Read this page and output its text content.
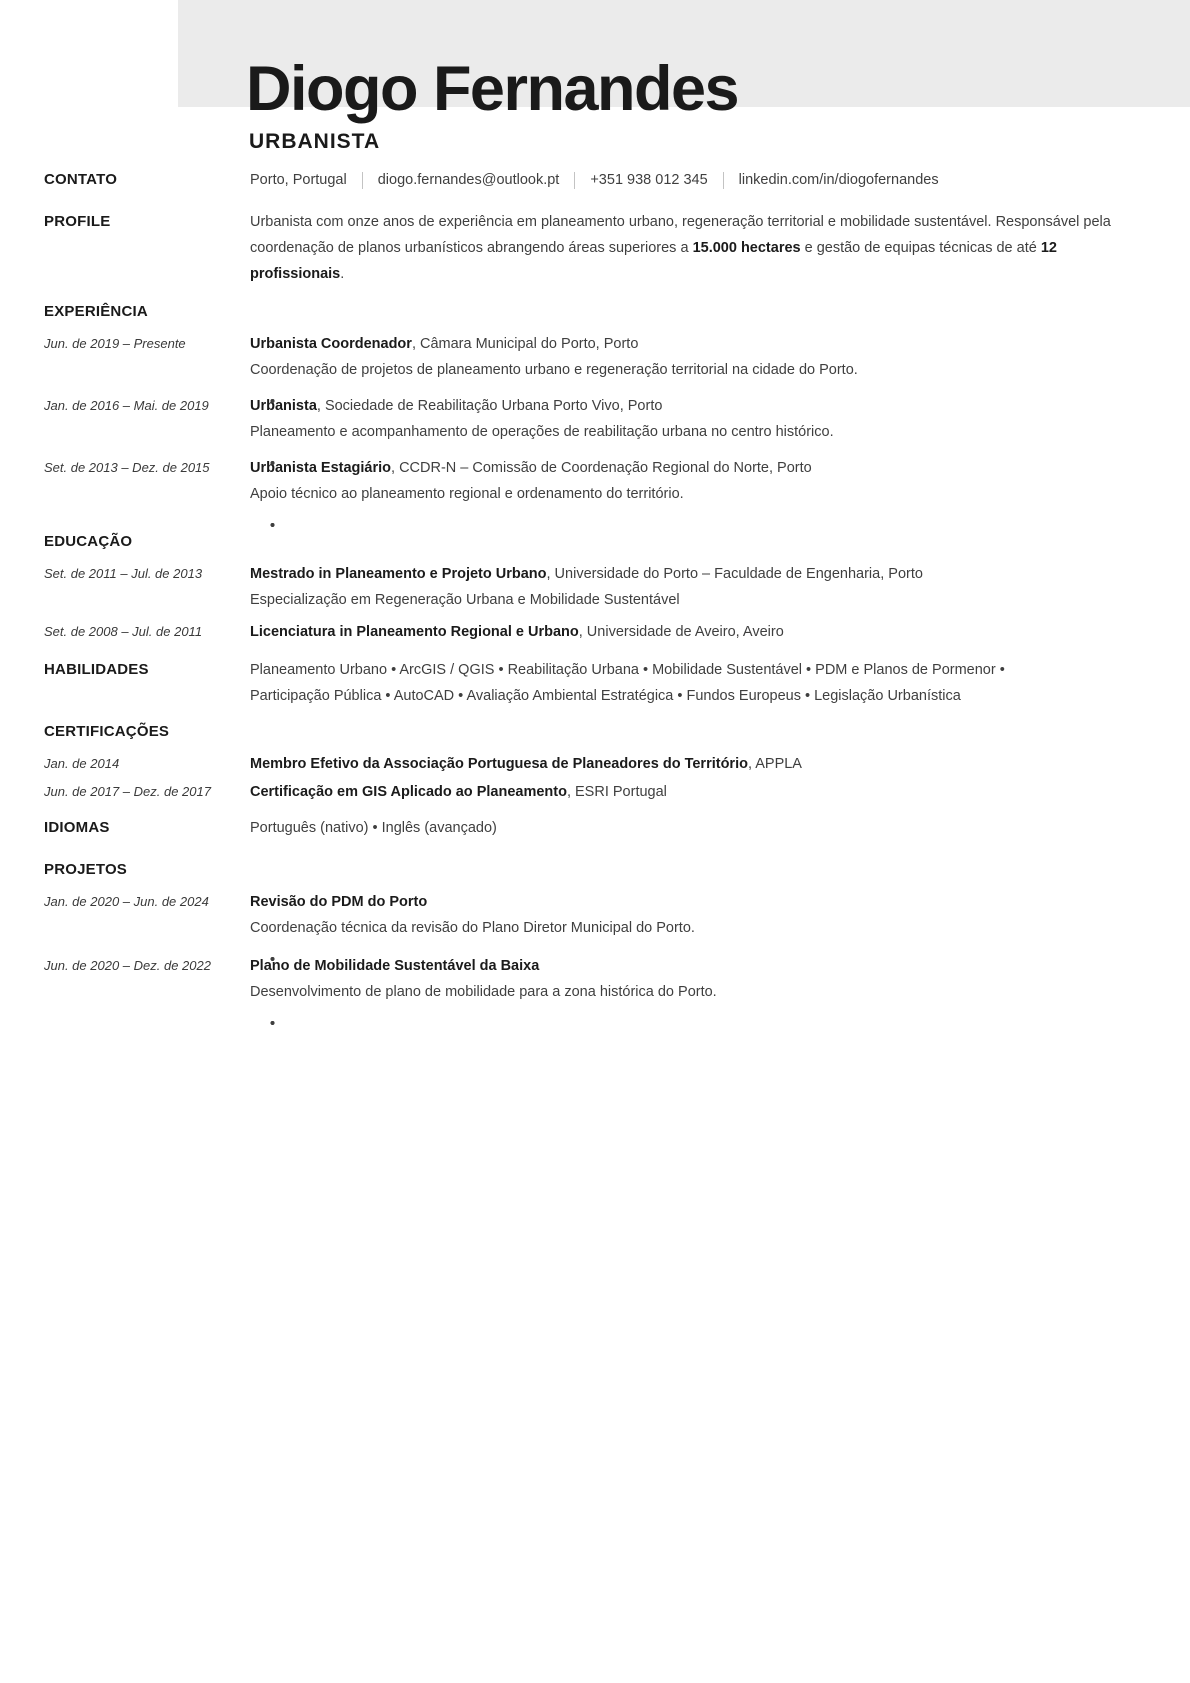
Diogo Fernandes
URBANISTA
CONTATO	Porto, Portugal diogo.fernandes@outlook.pt +351 938 012 345 linkedin.com/in/diogofernandes
PROFILE	Urbanista com onze anos de experiência em planeamento urbano, regeneração territorial e mobilidade sustentável. Responsável pela coordenação de planos urbanísticos abrangendo áreas superiores a 15.000 hectares e gestão de equipas técnicas de até 12 profissionais.
EXPERIÊNCIA
Jun. de 2019 – Presente	Urbanista Coordenador, Câmara Municipal do Porto, Porto
Coordenação de projetos de planeamento urbano e regeneração territorial na cidade do Porto.
Jan. de 2016 – Mai. de 2019	Urbanista, Sociedade de Reabilitação Urbana Porto Vivo, Porto
Planeamento e acompanhamento de operações de reabilitação urbana no centro histórico.
Set. de 2013 – Dez. de 2015	Urbanista Estagiário, CCDR-N – Comissão de Coordenação Regional do Norte, Porto
Apoio técnico ao planeamento regional e ordenamento do território.
EDUCAÇÃO
Set. de 2011 – Jul. de 2013	Mestrado in Planeamento e Projeto Urbano, Universidade do Porto – Faculdade de Engenharia, Porto
Especialização em Regeneração Urbana e Mobilidade Sustentável
Set. de 2008 – Jul. de 2011	Licenciatura in Planeamento Regional e Urbano, Universidade de Aveiro, Aveiro
HABILIDADES	Planeamento Urbano • ArcGIS / QGIS • Reabilitação Urbana • Mobilidade Sustentável • PDM e Planos de Pormenor • Participação Pública • AutoCAD • Avaliação Ambiental Estratégica • Fundos Europeus • Legislação Urbanística
CERTIFICAÇÕES
Jan. de 2014	Membro Efetivo da Associação Portuguesa de Planeadores do Território, APPLA
Jun. de 2017 – Dez. de 2017	Certificação em GIS Aplicado ao Planeamento, ESRI Portugal
IDIOMAS	Português (nativo) • Inglês (avançado)
PROJETOS
Jan. de 2020 – Jun. de 2024	Revisão do PDM do Porto
Coordenação técnica da revisão do Plano Diretor Municipal do Porto.
Jun. de 2020 – Dez. de 2022	Plano de Mobilidade Sustentável da Baixa
Desenvolvimento de plano de mobilidade para a zona histórica do Porto.
